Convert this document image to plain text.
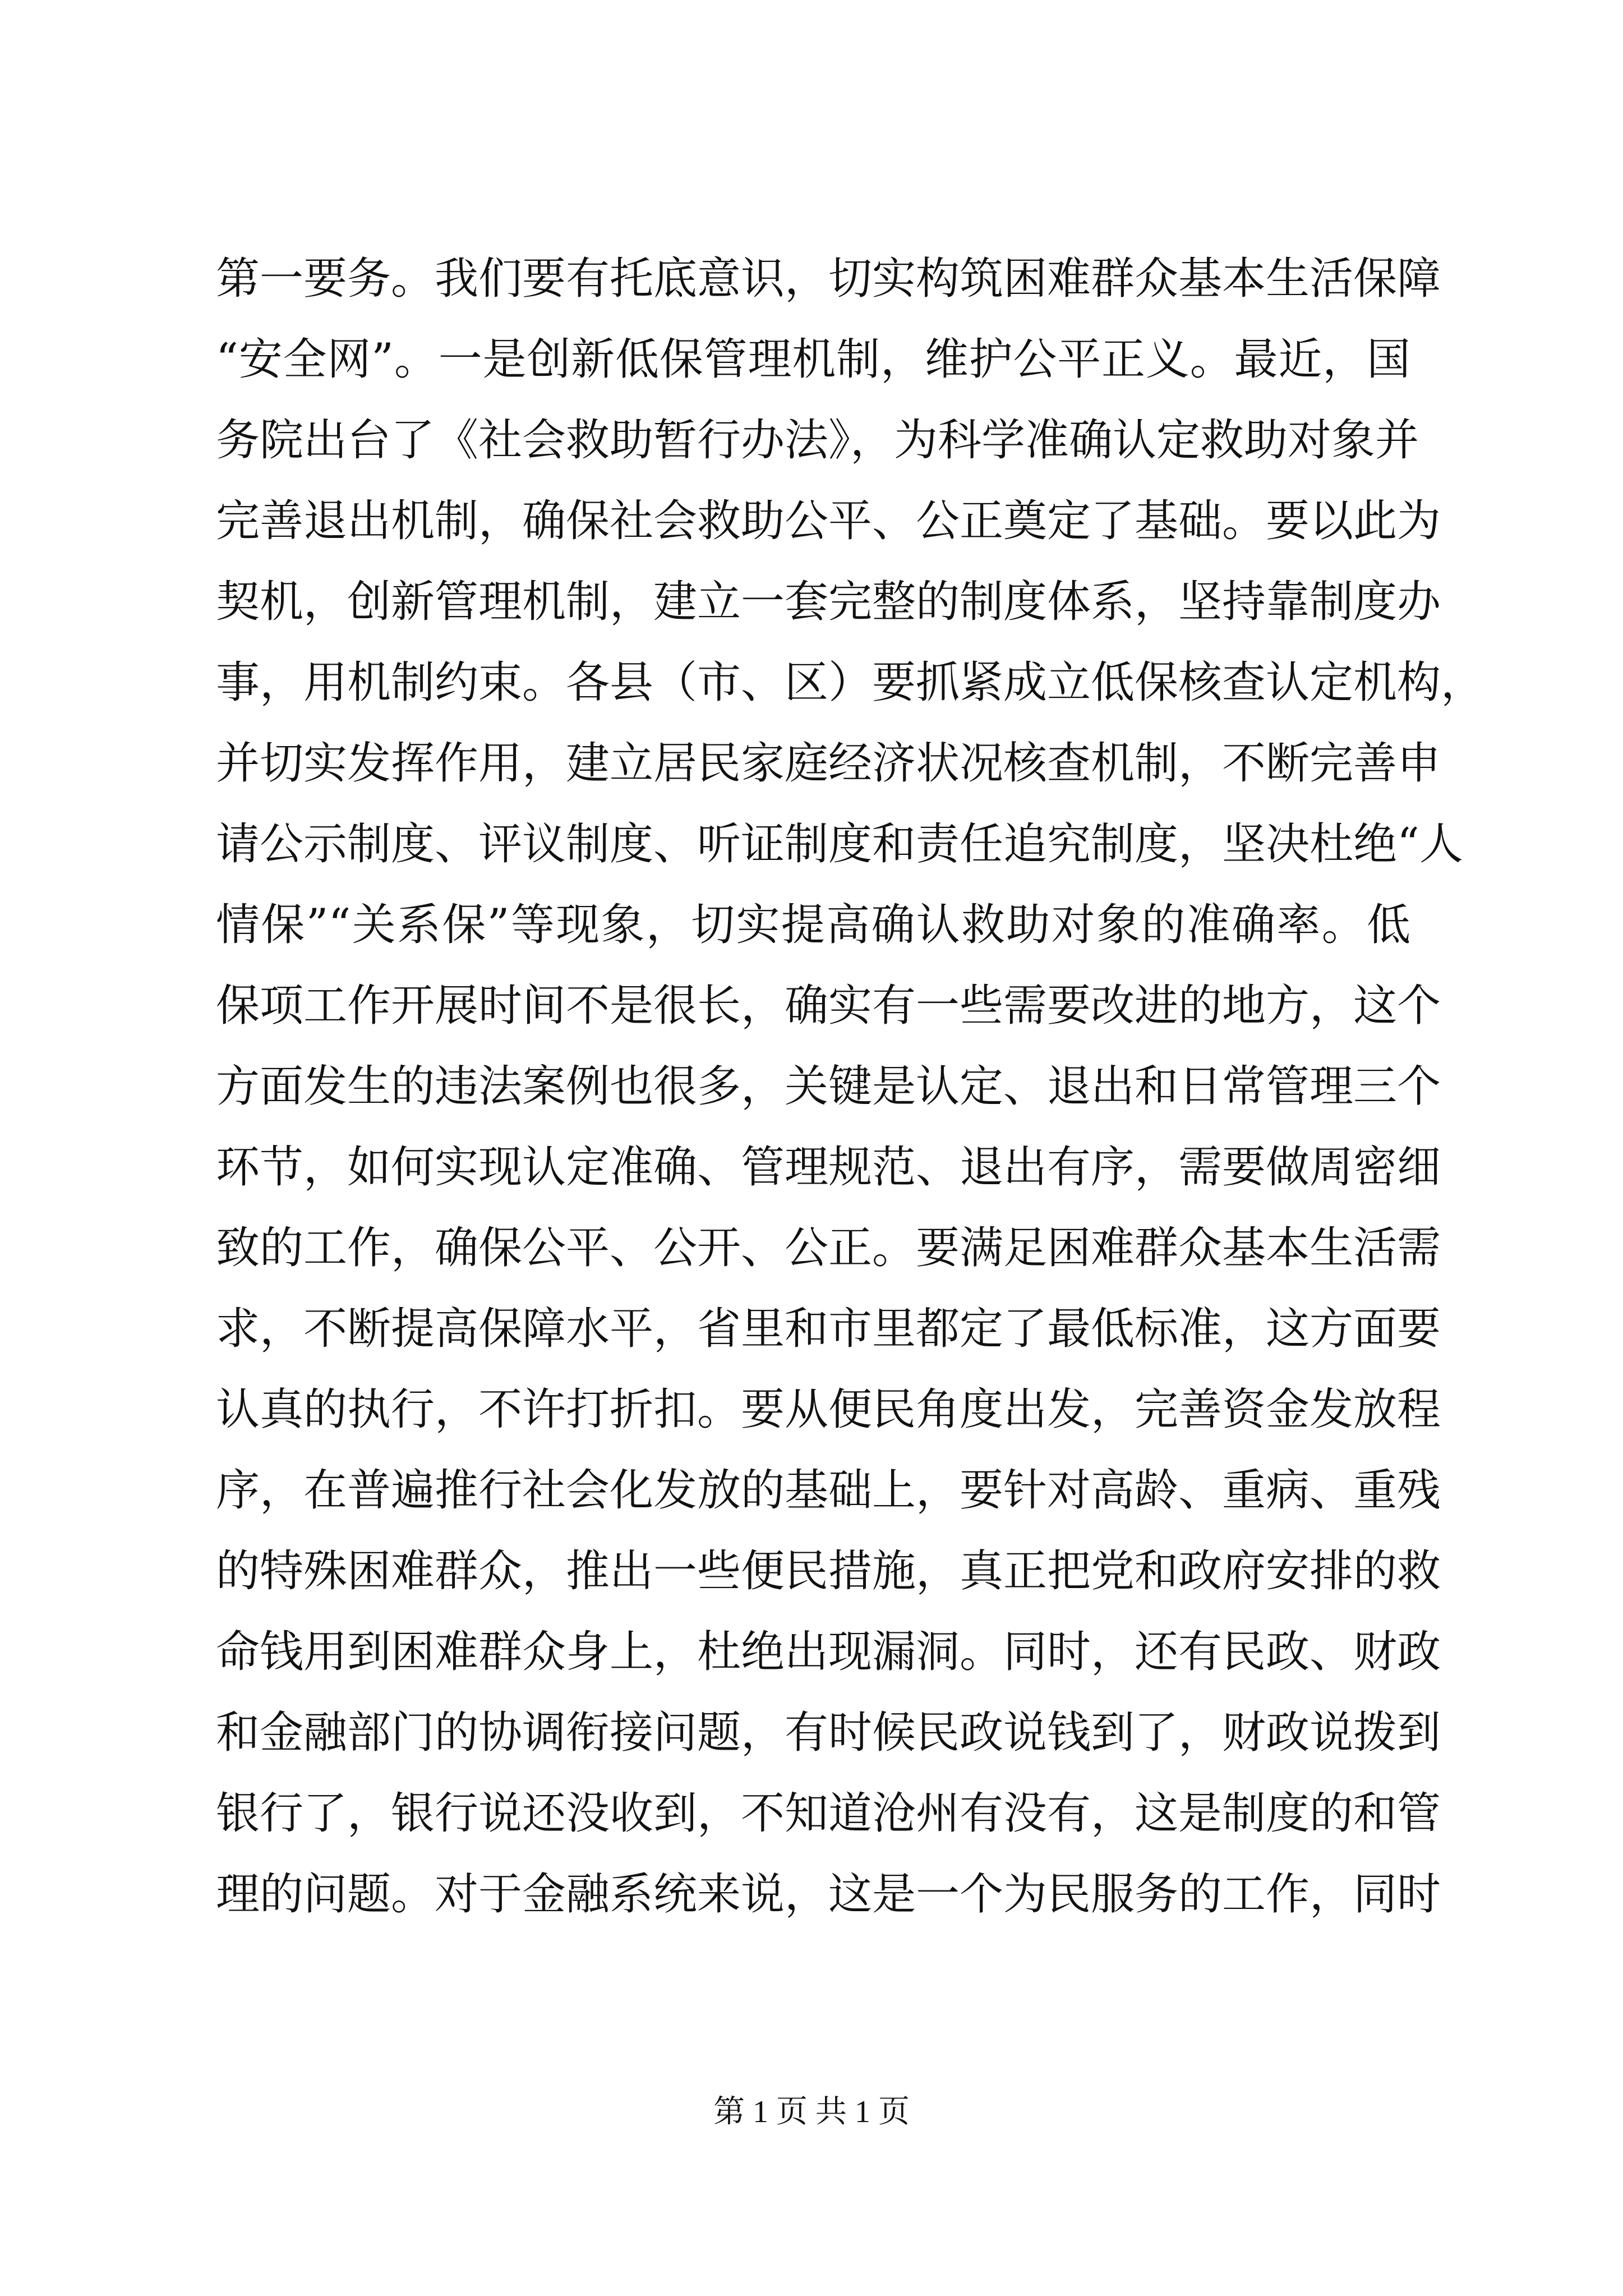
第一要务。我们要有托底意识，切实构筑困难群众基本生活保障
“安全网”。一是创新低保管理机制，维护公平正义。最近，国
务院出台了《社会救助暂行办法》，为科学准确认定救助对象并
完善退出机制，确保社会救助公平、公正奠定了基础。要以此为
契机，创新管理机制，建立一套完整的制度体系，坚持靠制度办
事，用机制约束。各县（市、区）要抓紧成立低保核查认定机构，
并切实发挥作用，建立居民家庭经济状况核查机制，不断完善申
请公示制度、评议制度、听证制度和责任追究制度，坚决杜绝“人
情保”“关系保”等现象，切实提高确认救助对象的准确率。低
保项工作开展时间不是很长，确实有一些需要改进的地方，这个
方面发生的违法案例也很多，关键是认定、退出和日常管理三个
环节，如何实现认定准确、管理规范、退出有序，需要做周密细
致的工作，确保公平、公开、公正。要满足困难群众基本生活需
求，不断提高保障水平，省里和市里都定了最低标准，这方面要
认真的执行，不许打折扣。要从便民角度出发，完善资金发放程
序，在普遍推行社会化发放的基础上，要针对高龄、重病、重残
的特殊困难群众，推出一些便民措施，真正把党和政府安排的救
命钱用到困难群众身上，杜绝出现漏洞。同时，还有民政、财政
和金融部门的协调衔接问题，有时候民政说钱到了，财政说拨到
银行了，银行说还没收到，不知道沧州有没有，这是制度的和管
理的问题。对于金融系统来说，这是一个为民服务的工作，同时
第 1 页 共 1 页
